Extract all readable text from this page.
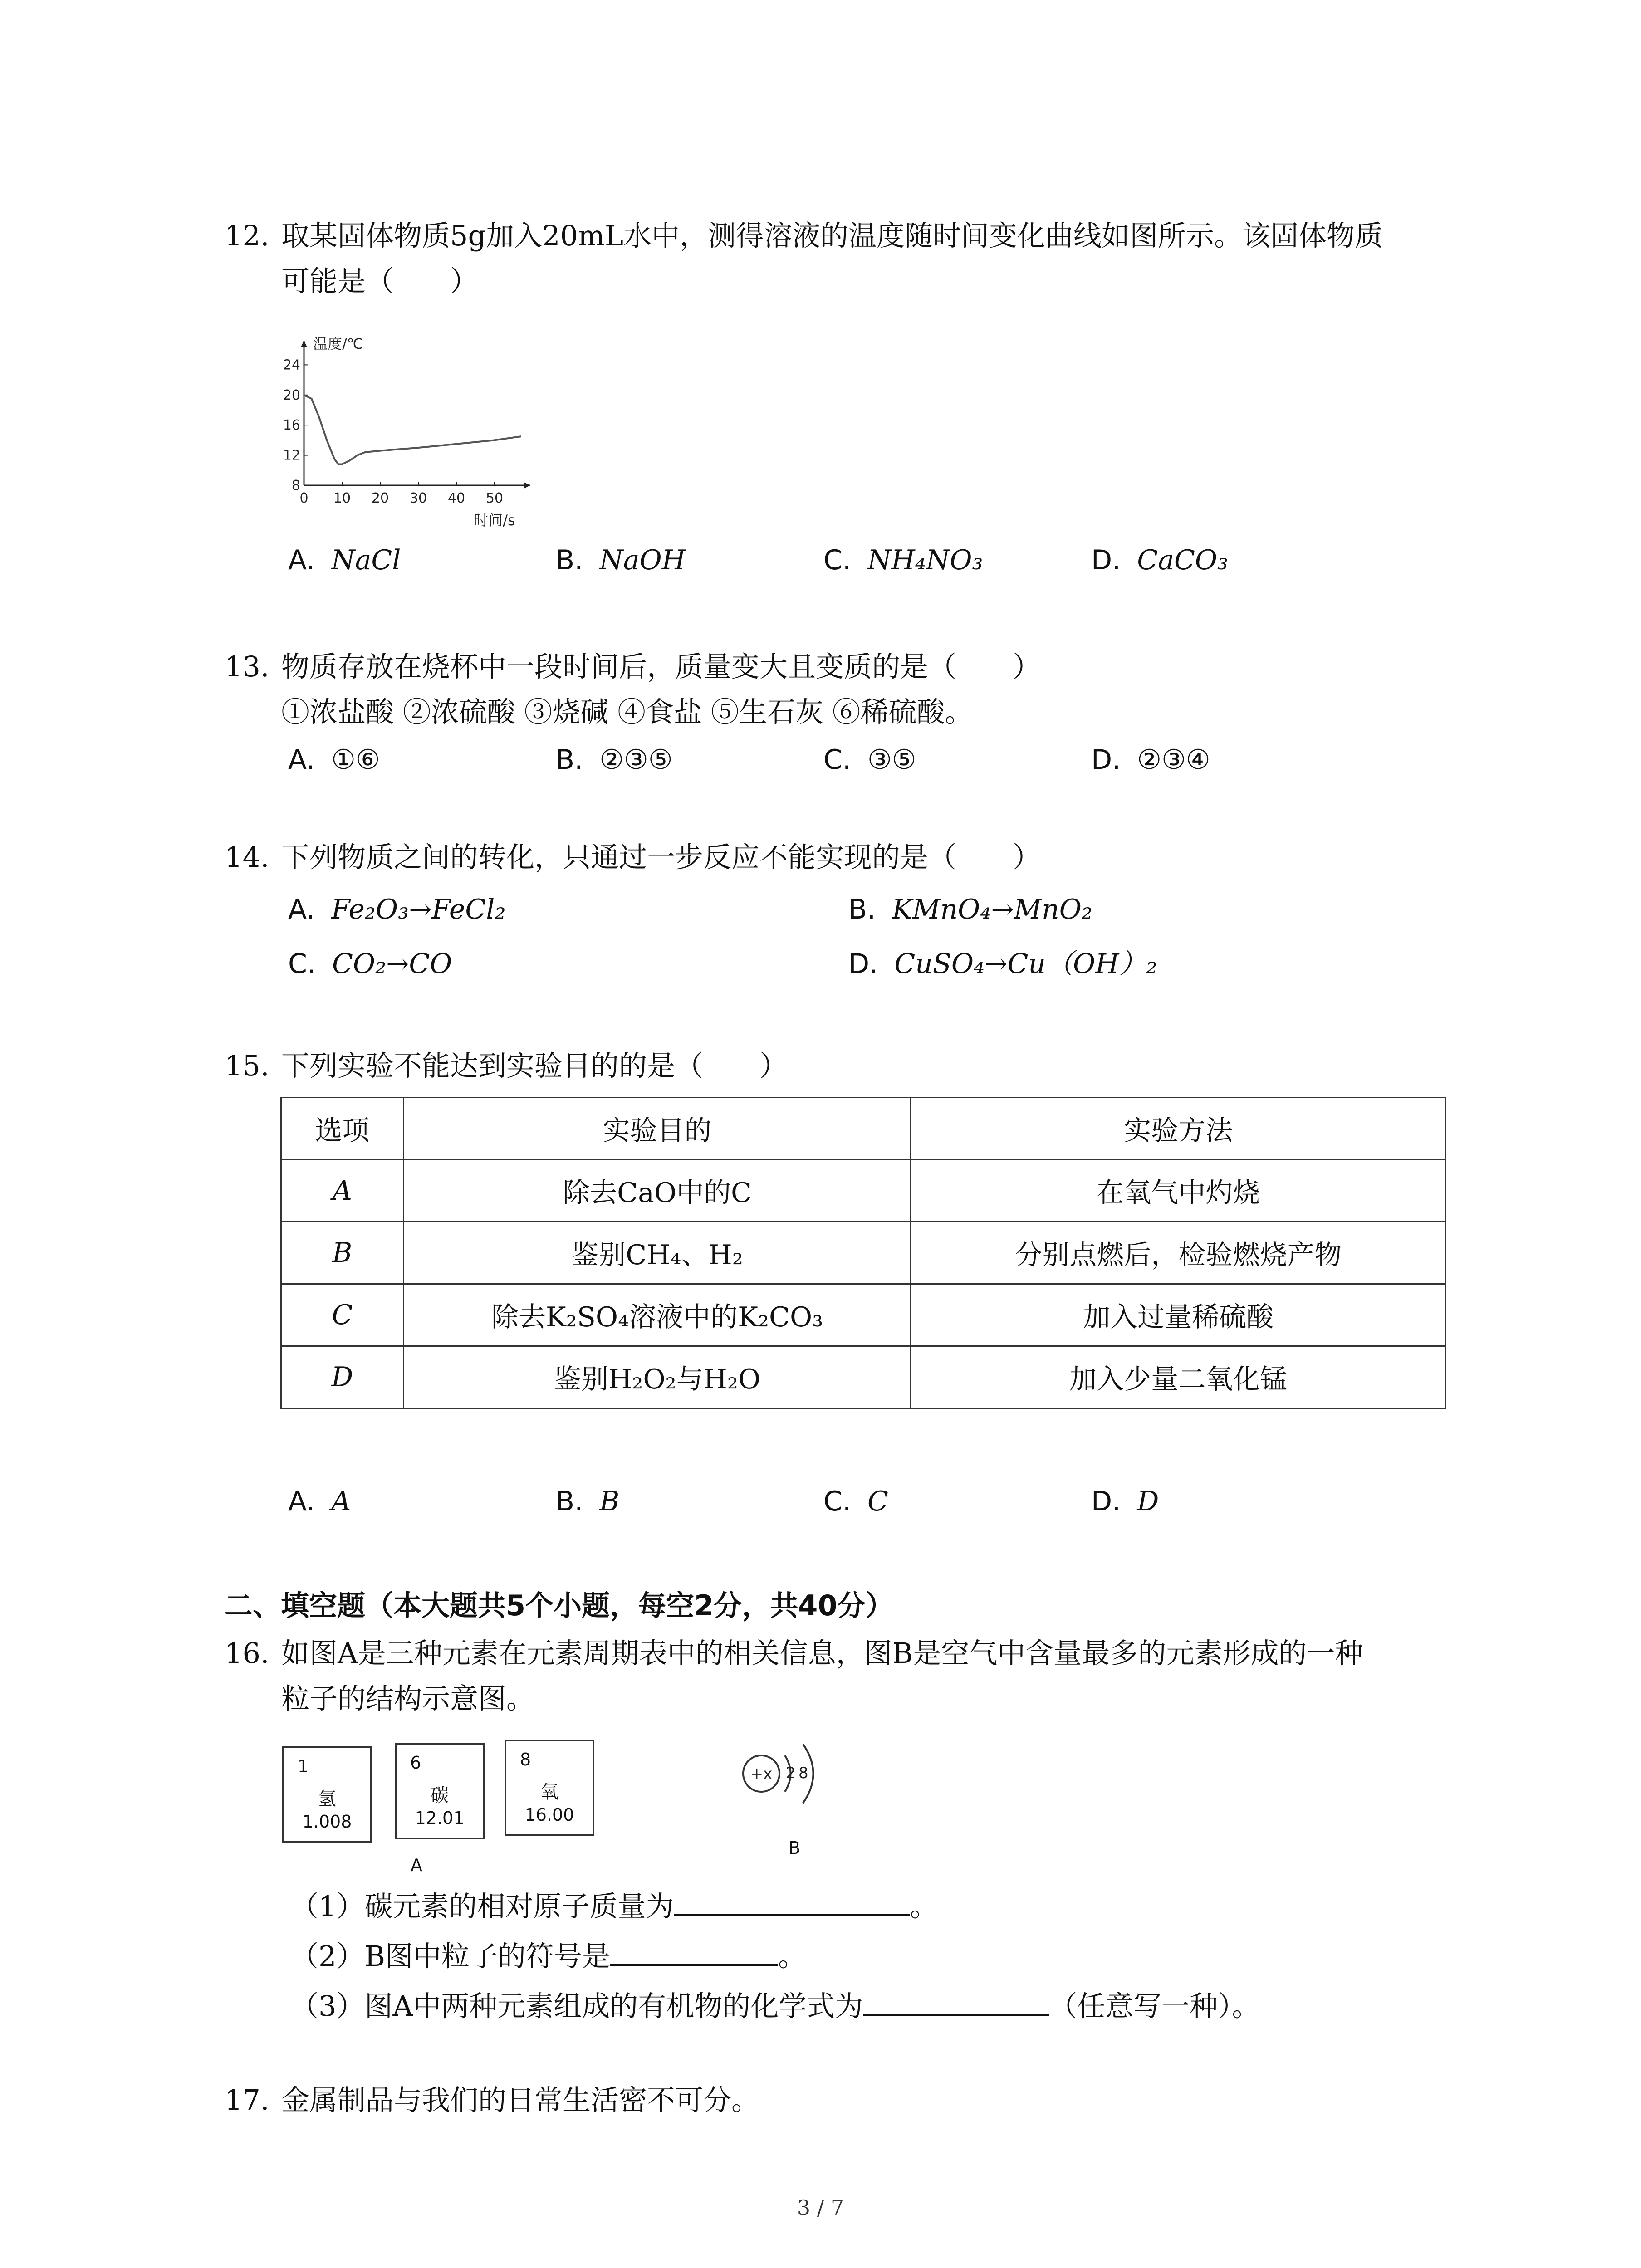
12. 取某固体物质5g加入20mL水中，测得溶液的温度随时间变化曲线如图所示。该固体物质
可能是（　　）
0 10 20 30 40 50
8
12
16
20
24
温度/℃
时间/s
A. NaCl	B. NaOH	C. NH₄NO₃	D. CaCO₃
13. 物质存放在烧杯中一段时间后，质量变大且变质的是（　　）
①浓盐酸 ②浓硫酸 ③烧碱 ④食盐 ⑤生石灰 ⑥稀硫酸。
A. ①⑥	B. ②③⑤	C. ③⑤	D. ②③④
14. 下列物质之间的转化，只通过一步反应不能实现的是（　　）
A. Fe₂O₃→FeCl₂	B. KMnO₄→MnO₂
C. CO₂→CO	D. CuSO₄→Cu（OH）₂
15. 下列实验不能达到实验目的的是（　　）
选项	实验目的	实验方法
A	除去CaO中的C	在氧气中灼烧
B	鉴别CH₄、H₂	分别点燃后，检验燃烧产物
C	除去K₂SO₄溶液中的K₂CO₃	加入过量稀硫酸
D	鉴别H₂O₂与H₂O	加入少量二氧化锰
A. A	B. B	C. C	D. D
二、填空题（本大题共5个小题，每空2分，共40分）
16. 如图A是三种元素在元素周期表中的相关信息，图B是空气中含量最多的元素形成的一种
粒子的结构示意图。
1
氢
1.008
6
碳
12.01
8
氧
16.00
A
+x 2 8
B
（1）碳元素的相对原子质量为	。
（2）B图中粒子的符号是	。
（3）图A中两种元素组成的有机物的化学式为	（任意写一种）。
17. 金属制品与我们的日常生活密不可分。
3 / 7
